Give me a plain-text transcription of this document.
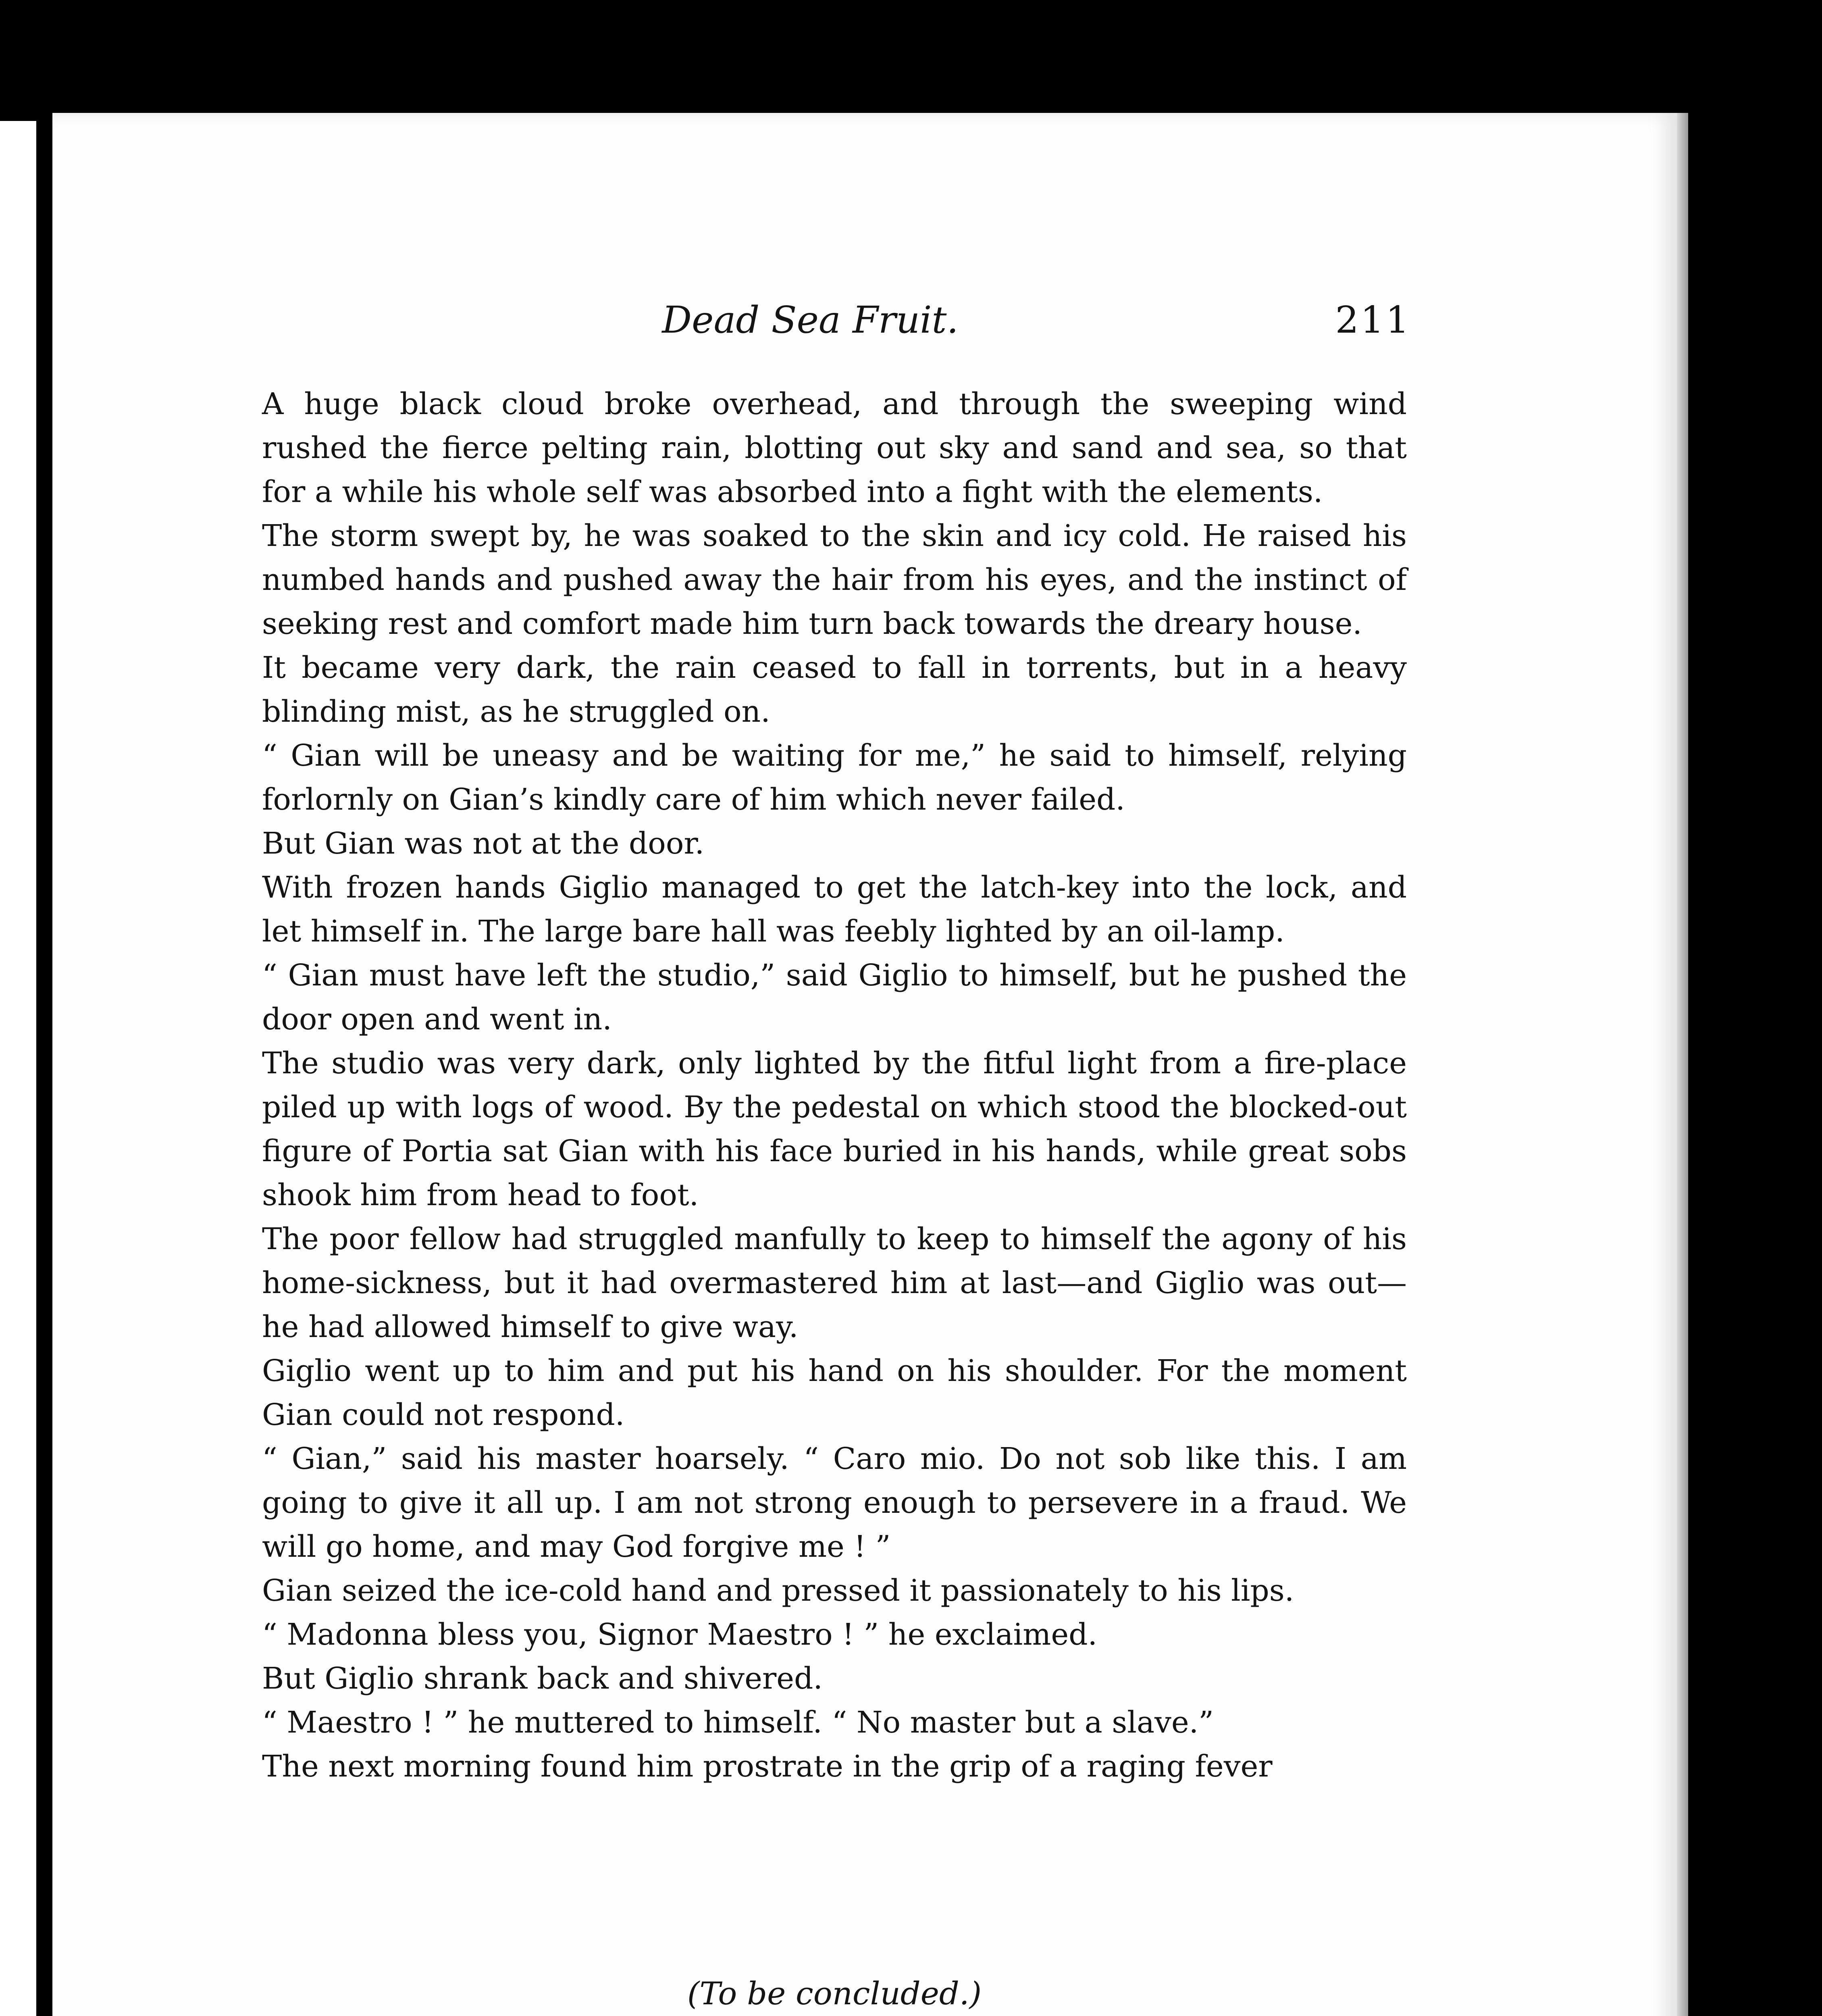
Dead Sea Fruit.	211
A huge black cloud broke overhead, and through the sweeping wind rushed the fierce pelting rain, blotting out sky and sand and sea, so that for a while his whole self was absorbed into a fight with the elements.
The storm swept by, he was soaked to the skin and icy cold. He raised his numbed hands and pushed away the hair from his eyes, and the instinct of seeking rest and comfort made him turn back towards the dreary house.
It became very dark, the rain ceased to fall in torrents, but in a heavy blinding mist, as he struggled on.
“ Gian will be uneasy and be waiting for me,” he said to himself, relying forlornly on Gian’s kindly care of him which never failed.
But Gian was not at the door.
With frozen hands Giglio managed to get the latch-key into the lock, and let himself in. The large bare hall was feebly lighted by an oil-lamp.
“ Gian must have left the studio,” said Giglio to himself, but he pushed the door open and went in.
The studio was very dark, only lighted by the fitful light from a fire-place piled up with logs of wood. By the pedestal on which stood the blocked-out figure of Portia sat Gian with his face buried in his hands, while great sobs shook him from head to foot.
The poor fellow had struggled manfully to keep to himself the agony of his home-sickness, but it had overmastered him at last—and Giglio was out—he had allowed himself to give way.
Giglio went up to him and put his hand on his shoulder. For the moment Gian could not respond.
“ Gian,” said his master hoarsely. “ Caro mio. Do not sob like this. I am going to give it all up. I am not strong enough to persevere in a fraud. We will go home, and may God forgive me ! ”
Gian seized the ice-cold hand and pressed it passionately to his lips.
“ Madonna bless you, Signor Maestro ! ” he exclaimed.
But Giglio shrank back and shivered.
“ Maestro ! ” he muttered to himself. “ No master but a slave.”
The next morning found him prostrate in the grip of a raging fever
(To be concluded.)
